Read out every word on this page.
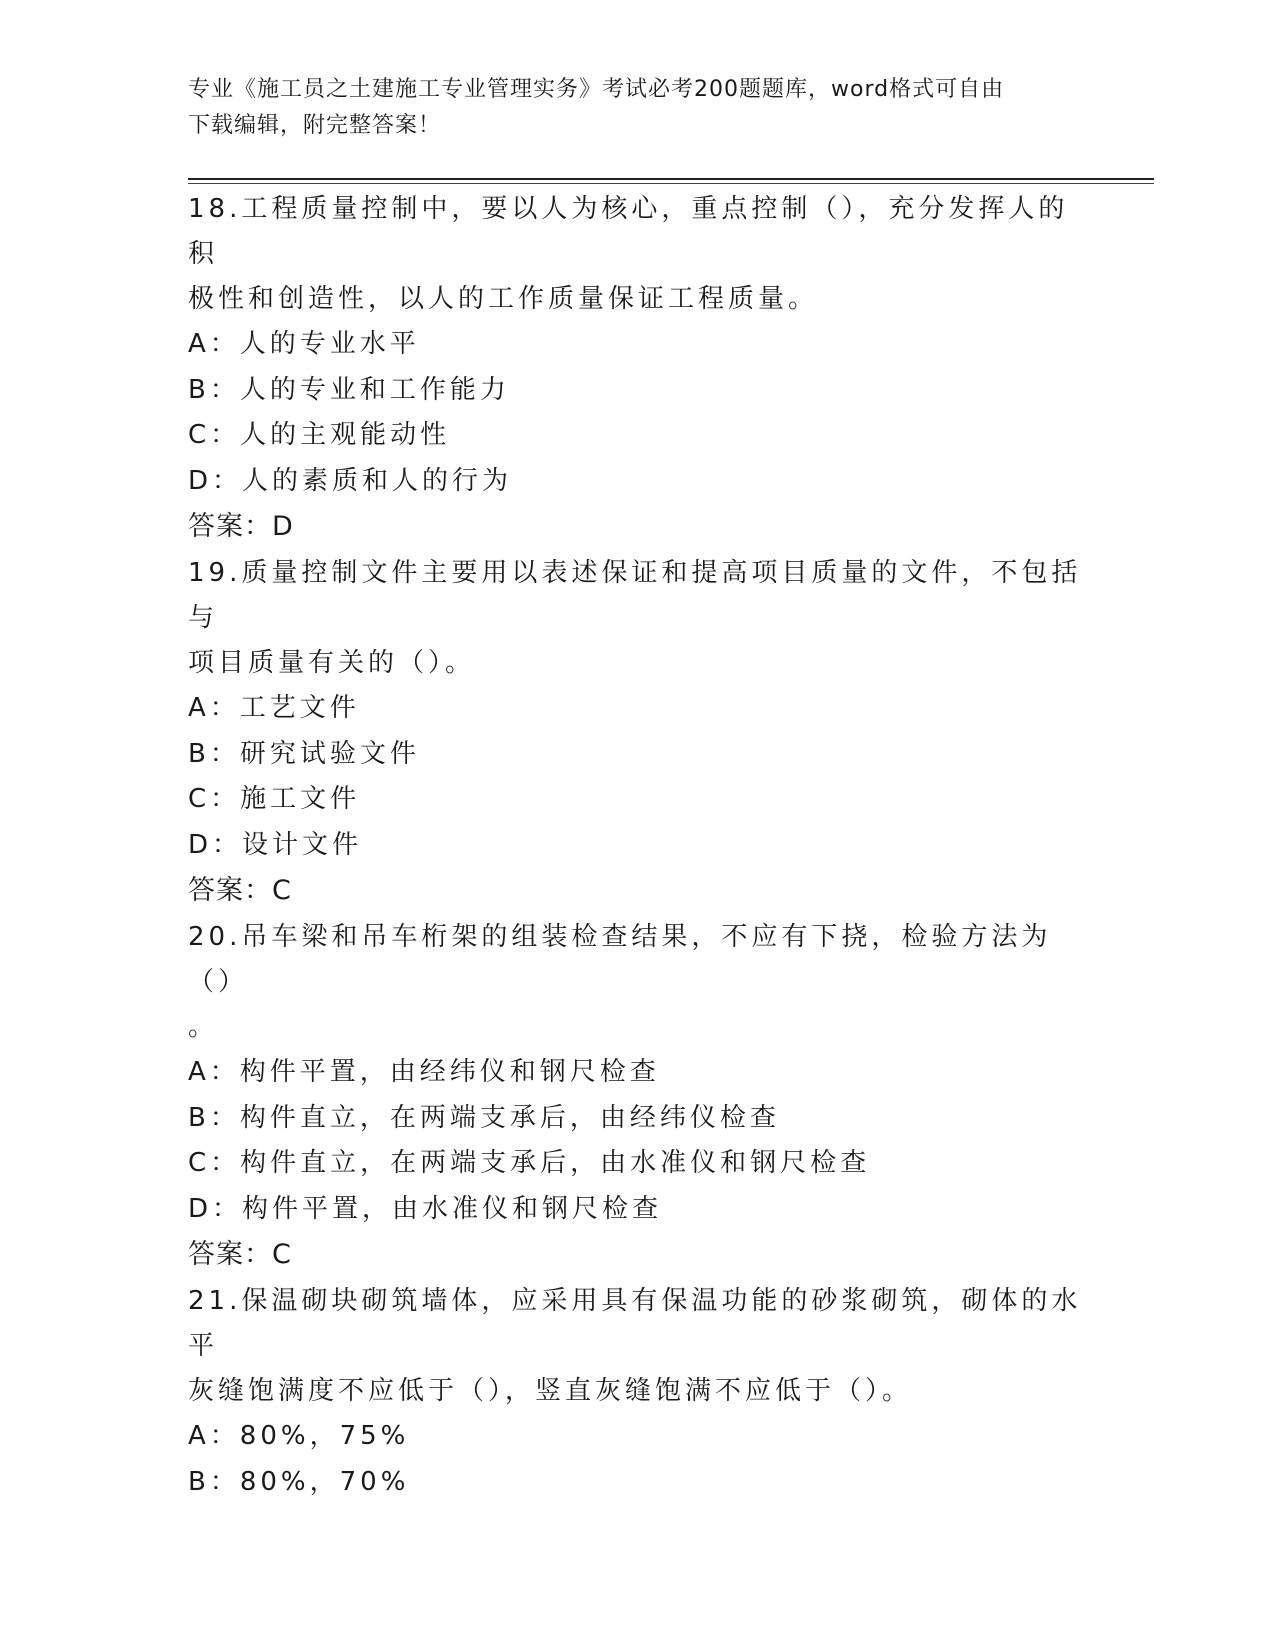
专业《施工员之土建施工专业管理实务》考试必考200题题库，word格式可自由
下载编辑，附完整答案！
18.工程质量控制中，要以人为核心，重点控制（），充分发挥人的积
极性和创造性，以人的工作质量保证工程质量。
A：人的专业水平
B：人的专业和工作能力
C：人的主观能动性
D：人的素质和人的行为
答案：D
19.质量控制文件主要用以表述保证和提高项目质量的文件，不包括与
项目质量有关的（）。
A：工艺文件
B：研究试验文件
C：施工文件
D：设计文件
答案：C
20.吊车梁和吊车桁架的组装检查结果，不应有下挠，检验方法为（）
。
A：构件平置，由经纬仪和钢尺检查
B：构件直立，在两端支承后，由经纬仪检查
C：构件直立，在两端支承后，由水准仪和钢尺检查
D：构件平置，由水准仪和钢尺检查
答案：C
21.保温砌块砌筑墙体，应采用具有保温功能的砂浆砌筑，砌体的水平
灰缝饱满度不应低于（），竖直灰缝饱满不应低于（）。
A：80%，75%
B：80%，70%
